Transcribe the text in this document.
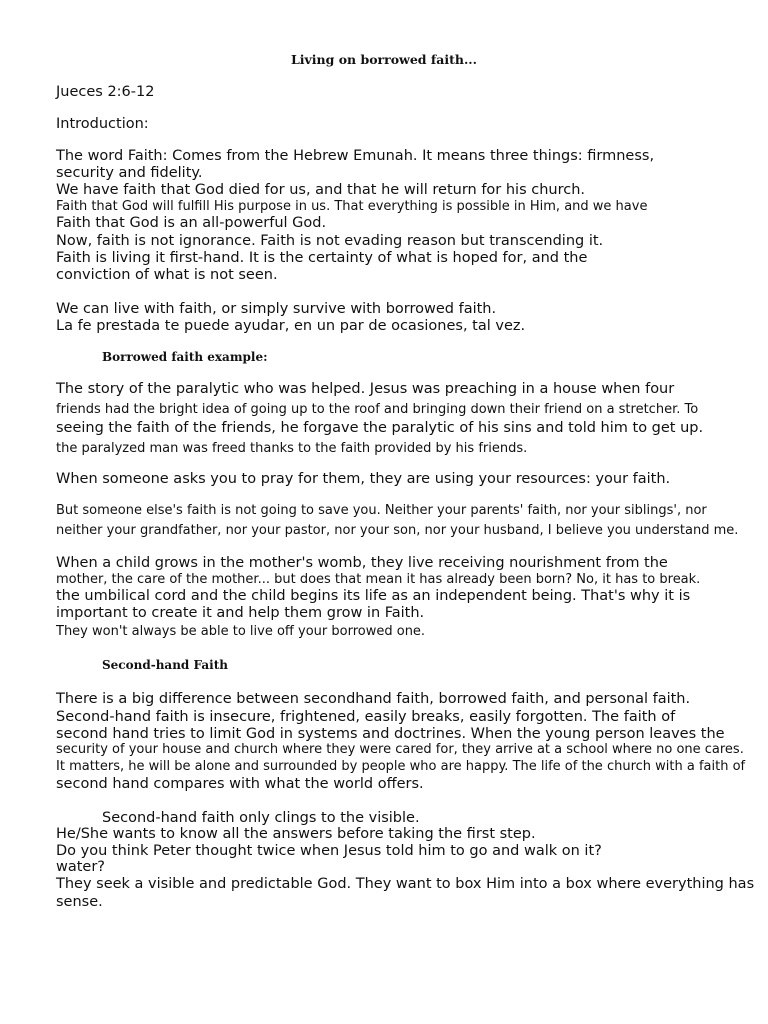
Living on borrowed faith...
Jueces 2:6-12
Introduction:
The word Faith: Comes from the Hebrew Emunah. It means three things: firmness,
security and fidelity.
We have faith that God died for us, and that he will return for his church.
Faith that God will fulfill His purpose in us. That everything is possible in Him, and we have
Faith that God is an all-powerful God.
Now, faith is not ignorance. Faith is not evading reason but transcending it.
Faith is living it first-hand. It is the certainty of what is hoped for, and the
conviction of what is not seen.
We can live with faith, or simply survive with borrowed faith.
La fe prestada te puede ayudar, en un par de ocasiones, tal vez.
Borrowed faith example:
The story of the paralytic who was helped. Jesus was preaching in a house when four
friends had the bright idea of going up to the roof and bringing down their friend on a stretcher. To
seeing the faith of the friends, he forgave the paralytic of his sins and told him to get up.
the paralyzed man was freed thanks to the faith provided by his friends.
When someone asks you to pray for them, they are using your resources: your faith.
But someone else's faith is not going to save you. Neither your parents' faith, nor your siblings', nor
neither your grandfather, nor your pastor, nor your son, nor your husband, I believe you understand me.
When a child grows in the mother's womb, they live receiving nourishment from the
mother, the care of the mother... but does that mean it has already been born? No, it has to break.
the umbilical cord and the child begins its life as an independent being. That's why it is
important to create it and help them grow in Faith.
They won't always be able to live off your borrowed one.
Second-hand Faith
There is a big difference between secondhand faith, borrowed faith, and personal faith.
Second-hand faith is insecure, frightened, easily breaks, easily forgotten. The faith of
second hand tries to limit God in systems and doctrines. When the young person leaves the
security of your house and church where they were cared for, they arrive at a school where no one cares.
It matters, he will be alone and surrounded by people who are happy. The life of the church with a faith of
second hand compares with what the world offers.
Second-hand faith only clings to the visible.
He/She wants to know all the answers before taking the first step.
Do you think Peter thought twice when Jesus told him to go and walk on it?
water?
They seek a visible and predictable God. They want to box Him into a box where everything has
sense.
